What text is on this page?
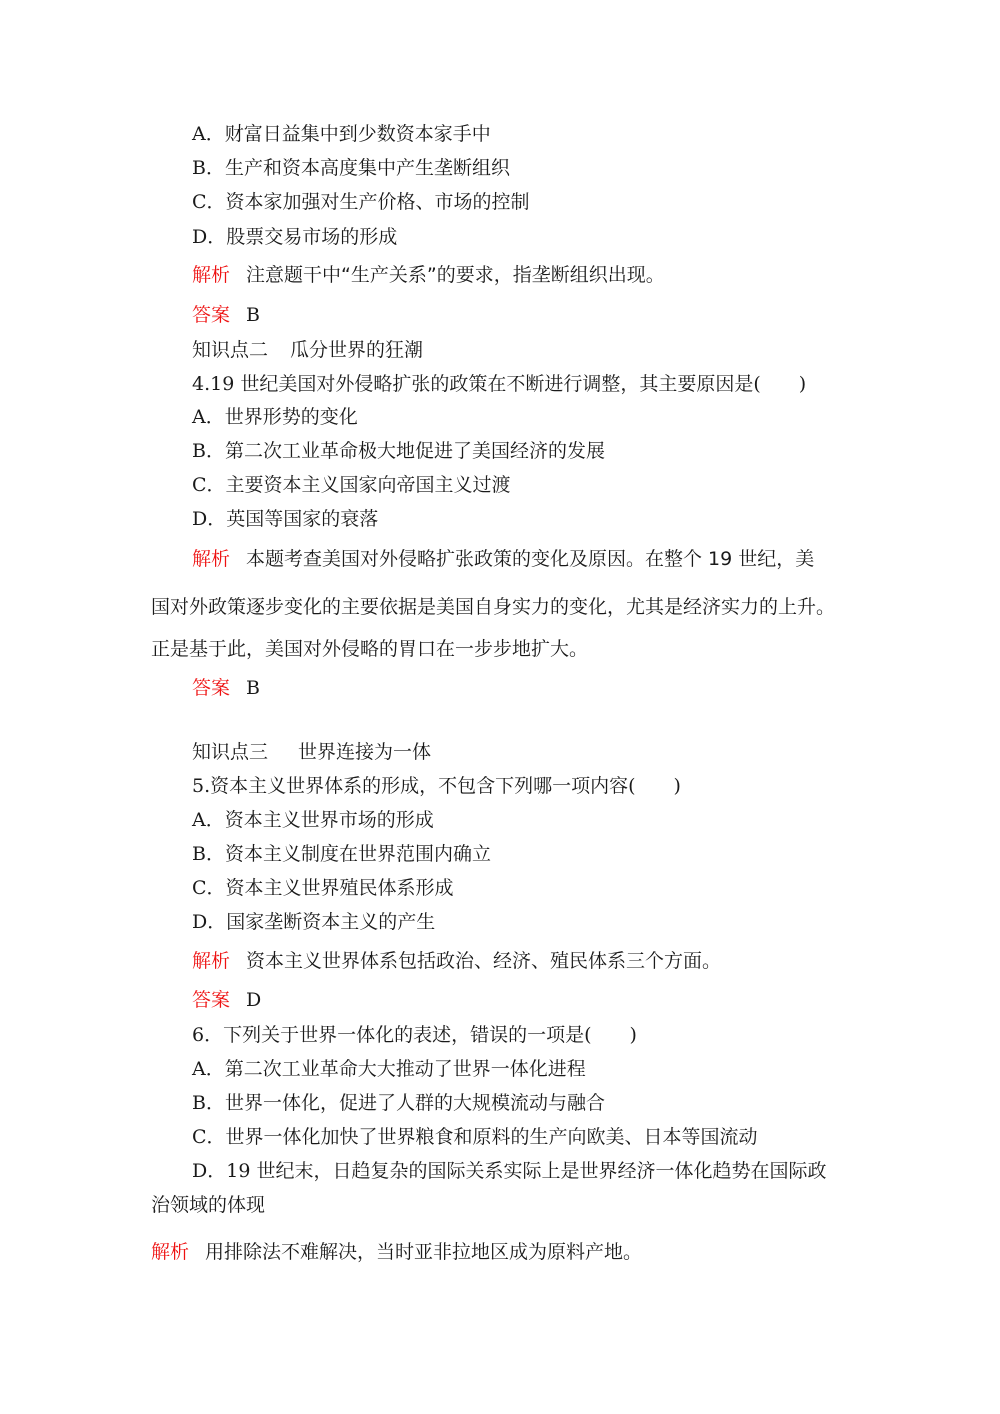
A．财富日益集中到少数资本家手中
B．生产和资本高度集中产生垄断组织
C．资本家加强对生产价格、市场的控制
D．股票交易市场的形成
解析 注意题干中“生产关系”的要求，指垄断组织出现。
答案 B
知识点二 瓜分世界的狂潮
4.19 世纪美国对外侵略扩张的政策在不断进行调整，其主要原因是(　　)
A．世界形势的变化
B．第二次工业革命极大地促进了美国经济的发展
C．主要资本主义国家向帝国主义过渡
D．英国等国家的衰落
解析 本题考查美国对外侵略扩张政策的变化及原因。在整个 19 世纪，美
国对外政策逐步变化的主要依据是美国自身实力的变化，尤其是经济实力的上升。
正是基于此，美国对外侵略的胃口在一步步地扩大。
答案 B
知识点三 世界连接为一体
5.资本主义世界体系的形成，不包含下列哪一项内容(　　)
A．资本主义世界市场的形成
B．资本主义制度在世界范围内确立
C．资本主义世界殖民体系形成
D．国家垄断资本主义的产生
解析 资本主义世界体系包括政治、经济、殖民体系三个方面。
答案 D
6．下列关于世界一体化的表述，错误的一项是(　　)
A．第二次工业革命大大推动了世界一体化进程
B．世界一体化，促进了人群的大规模流动与融合
C．世界一体化加快了世界粮食和原料的生产向欧美、日本等国流动
D．19 世纪末，日趋复杂的国际关系实际上是世界经济一体化趋势在国际政
治领域的体现
解析 用排除法不难解决，当时亚非拉地区成为原料产地。
